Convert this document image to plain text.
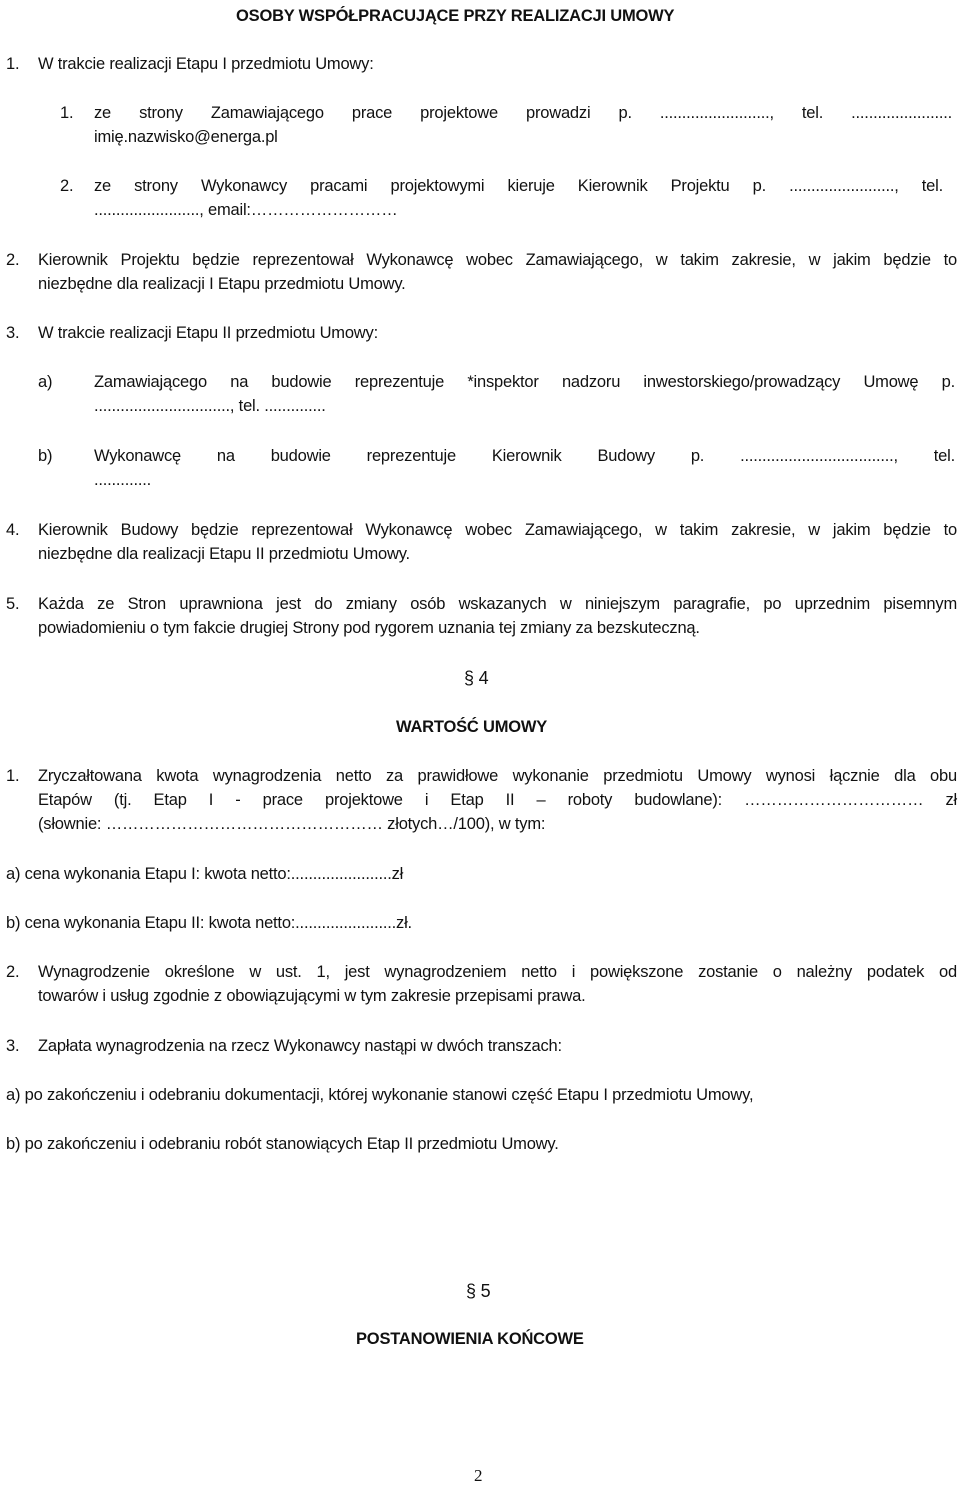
OSOBY WSPÓŁPRACUJĄCE PRZY REALIZACJI UMOWY
1. W trakcie realizacji Etapu I przedmiotu Umowy:
1. ze strony Zamawiającego prace projektowe prowadzi p. ........................., tel. .......................
imię.nazwisko@energa.pl
2. ze strony Wykonawcy pracami projektowymi kieruje Kierownik Projektu p. ........................, tel.
........................, email:………………………
2. Kierownik Projektu będzie reprezentował Wykonawcę wobec Zamawiającego, w takim zakresie, w jakim będzie to
niezbędne dla realizacji I Etapu przedmiotu Umowy.
3. W trakcie realizacji Etapu II przedmiotu Umowy:
a)	Zamawiającego na budowie reprezentuje *inspektor nadzoru inwestorskiego/prowadzący Umowę p.
..............................., tel. ..............
b)	Wykonawcę na budowie reprezentuje Kierownik Budowy p. ..................................., tel.
.............
4. Kierownik Budowy będzie reprezentował Wykonawcę wobec Zamawiającego, w takim zakresie, w jakim będzie to
niezbędne dla realizacji Etapu II przedmiotu Umowy.
5. Każda ze Stron uprawniona jest do zmiany osób wskazanych w niniejszym paragrafie, po uprzednim pisemnym
powiadomieniu o tym fakcie drugiej Strony pod rygorem uznania tej zmiany za bezskuteczną.
§ 4
WARTOŚĆ UMOWY
1. Zryczałtowana kwota wynagrodzenia netto za prawidłowe wykonanie przedmiotu Umowy wynosi łącznie dla obu
Etapów (tj. Etap I - prace projektowe i Etap II – roboty budowlane): …………………………… zł
(słownie: …………………………………………… złotych…/100), w tym:
a) cena wykonania Etapu I: kwota netto:.......................zł
b) cena wykonania Etapu II: kwota netto:.......................zł.
2. Wynagrodzenie określone w ust. 1, jest wynagrodzeniem netto i powiększone zostanie o należny podatek od
towarów i usług zgodnie z obowiązującymi w tym zakresie przepisami prawa.
3. Zapłata wynagrodzenia na rzecz Wykonawcy nastąpi w dwóch transzach:
a) po zakończeniu i odebraniu dokumentacji, której wykonanie stanowi część Etapu I przedmiotu Umowy,
b) po zakończeniu i odebraniu robót stanowiących Etap II przedmiotu Umowy.
§ 5
POSTANOWIENIA KOŃCOWE
2
